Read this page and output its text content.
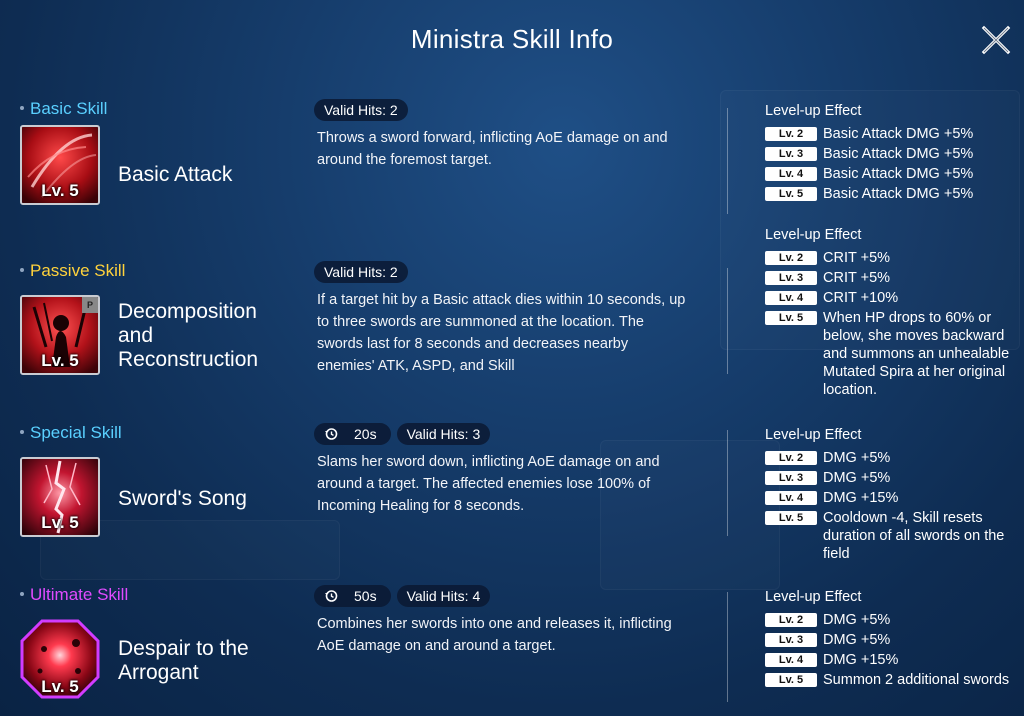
Ministra Skill Info
Basic Skill
Lv. 5
Basic Attack
Valid Hits: 2
Throws a sword forward, inflicting AoE damage on and around the foremost target.
Level-up Effect
Lv. 2	Basic Attack DMG +5%
Lv. 3	Basic Attack DMG +5%
Lv. 4	Basic Attack DMG +5%
Lv. 5	Basic Attack DMG +5%
Passive Skill
P
Lv. 5
Decomposition and Reconstruction
Valid Hits: 2
If a target hit by a Basic attack dies within 10 seconds, up to three swords are summoned at the location. The swords last for 8 seconds and decreases nearby enemies' ATK, ASPD, and Skill
Level-up Effect
Lv. 2	CRIT +5%
Lv. 3	CRIT +5%
Lv. 4	CRIT +10%
Lv. 5	When HP drops to 60% or below, she moves backward and summons an unhealable Mutated Spira at her original location.
Special Skill
Lv. 5
Sword's Song
20s Valid Hits: 3
Slams her sword down, inflicting AoE damage on and around a target. The affected enemies lose 100% of Incoming Healing for 8 seconds.
Level-up Effect
Lv. 2	DMG +5%
Lv. 3	DMG +5%
Lv. 4	DMG +15%
Lv. 5	Cooldown -4, Skill resets duration of all swords on the field
Ultimate Skill
Lv. 5
Despair to the Arrogant
50s Valid Hits: 4
Combines her swords into one and releases it, inflicting AoE damage on and around a target.
Level-up Effect
Lv. 2	DMG +5%
Lv. 3	DMG +5%
Lv. 4	DMG +15%
Lv. 5	Summon 2 additional swords
